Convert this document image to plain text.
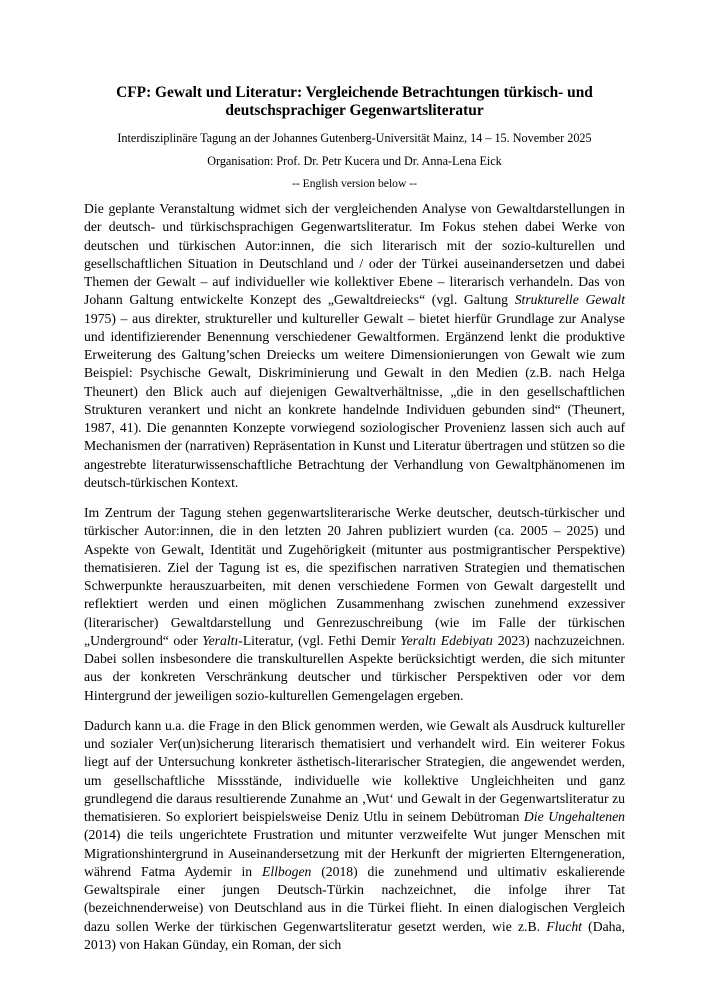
CFP: Gewalt und Literatur: Vergleichende Betrachtungen türkisch- und deutschsprachiger Gegenwartsliteratur
Interdisziplinäre Tagung an der Johannes Gutenberg-Universität Mainz, 14 – 15. November 2025
Organisation: Prof. Dr. Petr Kucera und Dr. Anna-Lena Eick
-- English version below --

Die geplante Veranstaltung widmet sich der vergleichenden Analyse von Gewaltdarstellungen in der deutsch- und türkischsprachigen Gegenwartsliteratur. Im Fokus stehen dabei Werke von deutschen und türkischen Autor:innen, die sich literarisch mit der sozio-kulturellen und gesellschaftlichen Situation in Deutschland und / oder der Türkei auseinandersetzen und dabei Themen der Gewalt – auf individueller wie kollektiver Ebene – literarisch verhandeln. Das von Johann Galtung entwickelte Konzept des „Gewaltdreiecks“ (vgl. Galtung Strukturelle Gewalt 1975) – aus direkter, struktureller und kultureller Gewalt – bietet hierfür Grundlage zur Analyse und identifizierender Benennung verschiedener Gewaltformen. Ergänzend lenkt die produktive Erweiterung des Galtung’schen Dreiecks um weitere Dimensionierungen von Gewalt wie zum Beispiel: Psychische Gewalt, Diskriminierung und Gewalt in den Medien (z.B. nach Helga Theunert) den Blick auch auf diejenigen Gewaltverhältnisse, „die in den gesellschaftlichen Strukturen verankert und nicht an konkrete handelnde Individuen gebunden sind“ (Theunert, 1987, 41). Die genannten Konzepte vorwiegend soziologischer Provenienz lassen sich auch auf Mechanismen der (narrativen) Repräsentation in Kunst und Literatur übertragen und stützen so die angestrebte literaturwissenschaftliche Betrachtung der Verhandlung von Gewaltphänomenen im deutsch-türkischen Kontext.

Im Zentrum der Tagung stehen gegenwartsliterarische Werke deutscher, deutsch-türkischer und türkischer Autor:innen, die in den letzten 20 Jahren publiziert wurden (ca. 2005 – 2025) und Aspekte von Gewalt, Identität und Zugehörigkeit (mitunter aus postmigrantischer Perspektive) thematisieren. Ziel der Tagung ist es, die spezifischen narrativen Strategien und thematischen Schwerpunkte herauszuarbeiten, mit denen verschiedene Formen von Gewalt dargestellt und reflektiert werden und einen möglichen Zusammenhang zwischen zunehmend exzessiver (literarischer) Gewaltdarstellung und Genrezuschreibung (wie im Falle der türkischen „Underground“ oder Yeraltı-Literatur, (vgl. Fethi Demir Yeraltı Edebiyatı 2023) nachzuzeichnen. Dabei sollen insbesondere die transkulturellen Aspekte berücksichtigt werden, die sich mitunter aus der konkreten Verschränkung deutscher und türkischer Perspektiven oder vor dem Hintergrund der jeweiligen sozio-kulturellen Gemengelagen ergeben.

Dadurch kann u.a. die Frage in den Blick genommen werden, wie Gewalt als Ausdruck kultureller und sozialer Ver(un)sicherung literarisch thematisiert und verhandelt wird. Ein weiterer Fokus liegt auf der Untersuchung konkreter ästhetisch-literarischer Strategien, die angewendet werden, um gesellschaftliche Missstände, individuelle wie kollektive Ungleichheiten und ganz grundlegend die daraus resultierende Zunahme an ‚Wut‘ und Gewalt in der Gegenwartsliteratur zu thematisieren. So exploriert beispielsweise Deniz Utlu in seinem Debütroman Die Ungehaltenen (2014) die teils ungerichtete Frustration und mitunter verzweifelte Wut junger Menschen mit Migrationshintergrund in Auseinandersetzung mit der Herkunft der migrierten Elterngeneration, während Fatma Aydemir in Ellbogen (2018) die zunehmend und ultimativ eskalierende Gewaltspirale einer jungen Deutsch-Türkin nachzeichnet, die infolge ihrer Tat (bezeichnenderweise) von Deutschland aus in die Türkei flieht. In einen dialogischen Vergleich dazu sollen Werke der türkischen Gegenwartsliteratur gesetzt werden, wie z.B. Flucht (Daha, 2013) von Hakan Günday, ein Roman, der sich
